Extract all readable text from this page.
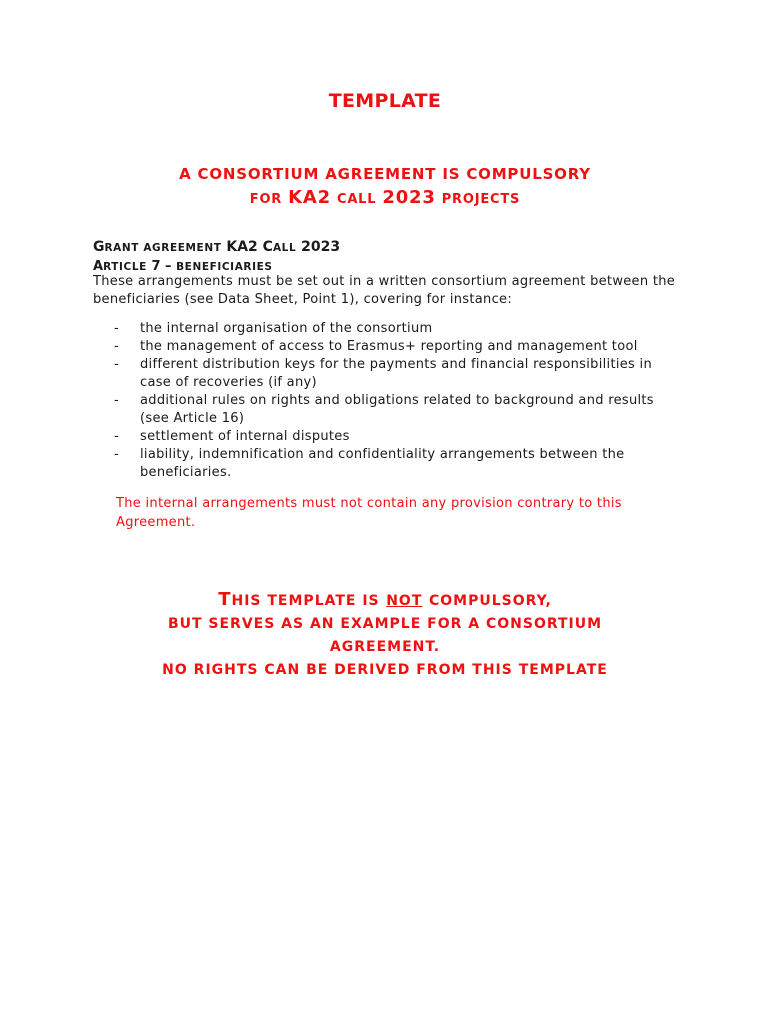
TEMPLATE
A CONSORTIUM AGREEMENT IS COMPULSORY
FOR KA2 CALL 2023 PROJECTS
GRANT AGREEMENT KA2 CALL 2023
ARTICLE 7 – BENEFICIARIES
These arrangements must be set out in a written consortium agreement between the beneficiaries (see Data Sheet, Point 1), covering for instance:
- the internal organisation of the consortium
- the management of access to Erasmus+ reporting and management tool
- different distribution keys for the payments and financial responsibilities in case of recoveries (if any)
- additional rules on rights and obligations related to background and results (see Article 16)
- settlement of internal disputes
- liability, indemnification and confidentiality arrangements between the beneficiaries.
The internal arrangements must not contain any provision contrary to this Agreement.
THIS TEMPLATE IS NOT COMPULSORY,
BUT SERVES AS AN EXAMPLE FOR A CONSORTIUM
AGREEMENT.
NO RIGHTS CAN BE DERIVED FROM THIS TEMPLATE
